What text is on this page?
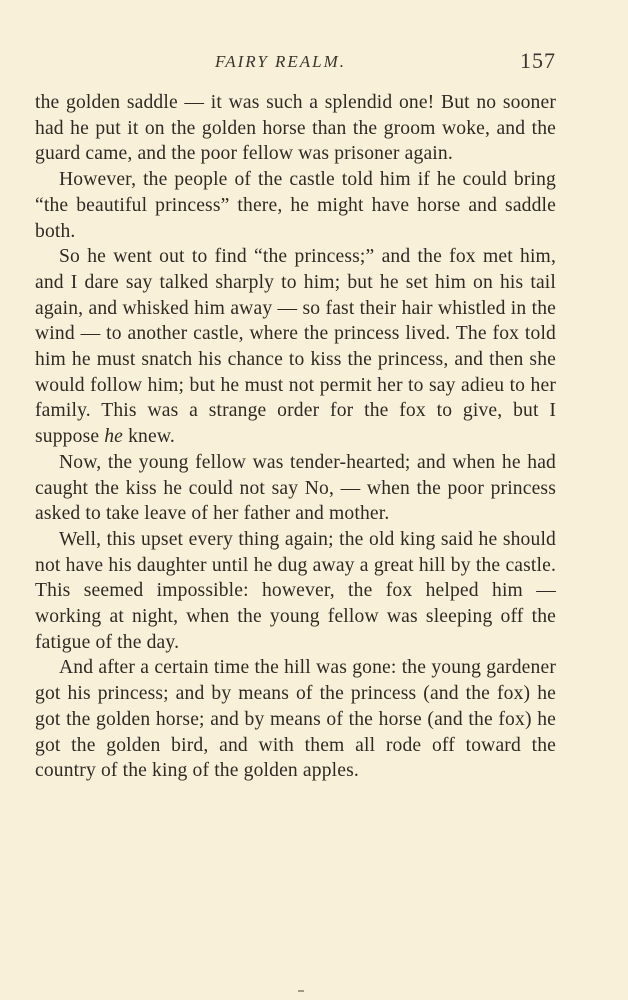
FAIRY REALM.	157

the golden saddle — it was such a splendid one! But no sooner had he put it on the golden horse than the groom woke, and the guard came, and the poor fellow was prisoner again.

However, the people of the castle told him if he could bring “the beautiful princess” there, he might have horse and saddle both.

So he went out to find “the princess;” and the fox met him, and I dare say talked sharply to him; but he set him on his tail again, and whisked him away — so fast their hair whistled in the wind — to another castle, where the princess lived. The fox told him he must snatch his chance to kiss the princess, and then she would follow him; but he must not permit her to say adieu to her family. This was a strange order for the fox to give, but I suppose he knew.

Now, the young fellow was tender-hearted; and when he had caught the kiss he could not say No, — when the poor princess asked to take leave of her father and mother.

Well, this upset every thing again; the old king said he should not have his daughter until he dug away a great hill by the castle. This seemed impossible: however, the fox helped him — working at night, when the young fellow was sleeping off the fatigue of the day.

And after a certain time the hill was gone: the young gardener got his princess; and by means of the princess (and the fox) he got the golden horse; and by means of the horse (and the fox) he got the golden bird, and with them all rode off toward the country of the king of the golden apples.
